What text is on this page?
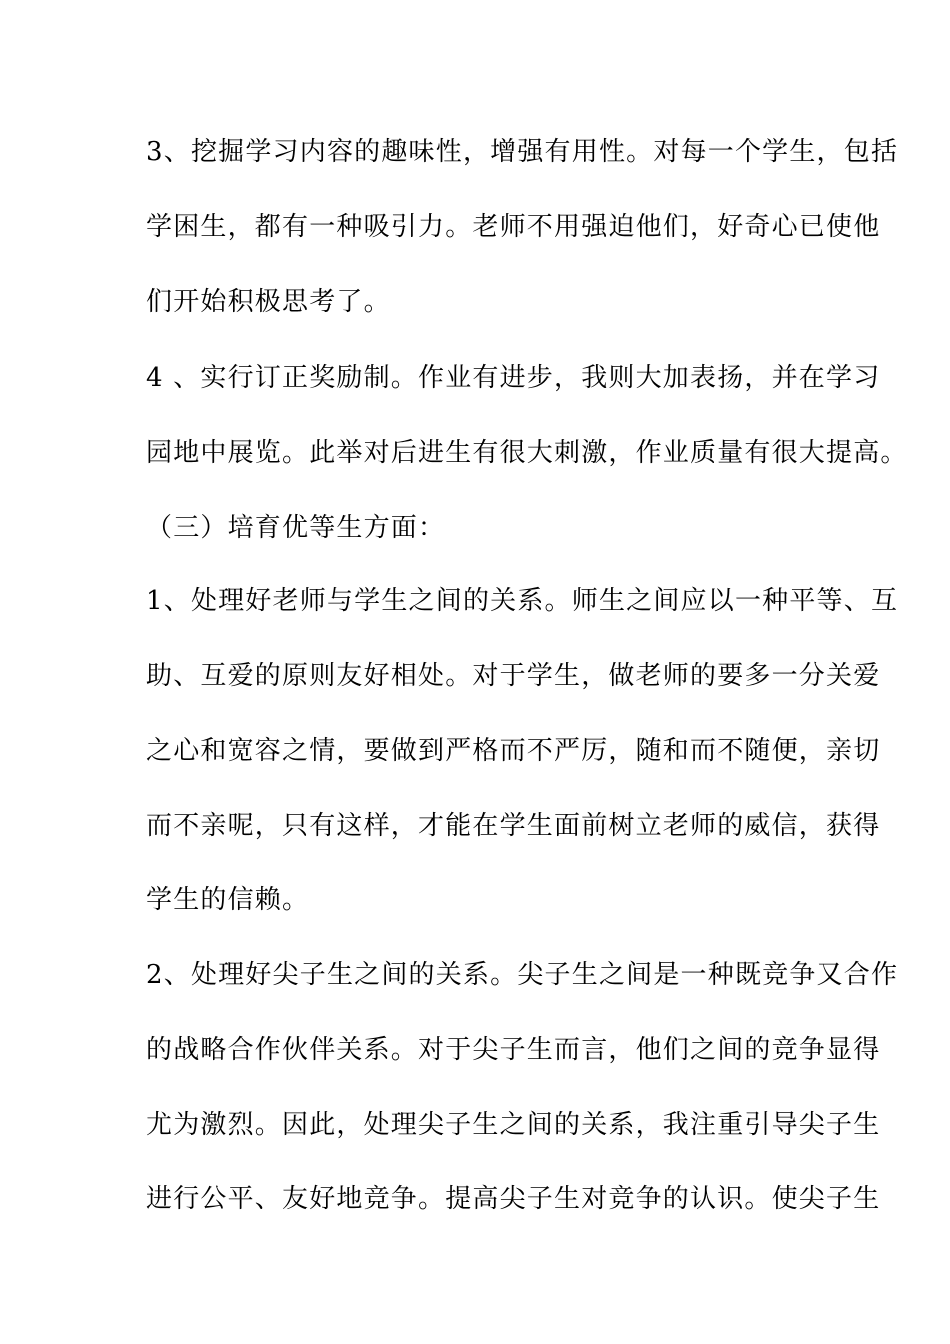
3、挖掘学习内容的趣味性，增强有用性。对每一个学生，包括
学困生，都有一种吸引力。老师不用强迫他们，好奇心已使他
们开始积极思考了。
4 、实行订正奖励制。作业有进步，我则大加表扬，并在学习
园地中展览。此举对后进生有很大刺激，作业质量有很大提高。
（三）培育优等生方面：
1、处理好老师与学生之间的关系。师生之间应以一种平等、互
助、互爱的原则友好相处。对于学生，做老师的要多一分关爱
之心和宽容之情，要做到严格而不严厉，随和而不随便，亲切
而不亲呢，只有这样，才能在学生面前树立老师的威信，获得
学生的信赖。
2、处理好尖子生之间的关系。尖子生之间是一种既竞争又合作
的战略合作伙伴关系。对于尖子生而言，他们之间的竞争显得
尤为激烈。因此，处理尖子生之间的关系，我注重引导尖子生
进行公平、友好地竞争。提高尖子生对竞争的认识。使尖子生
